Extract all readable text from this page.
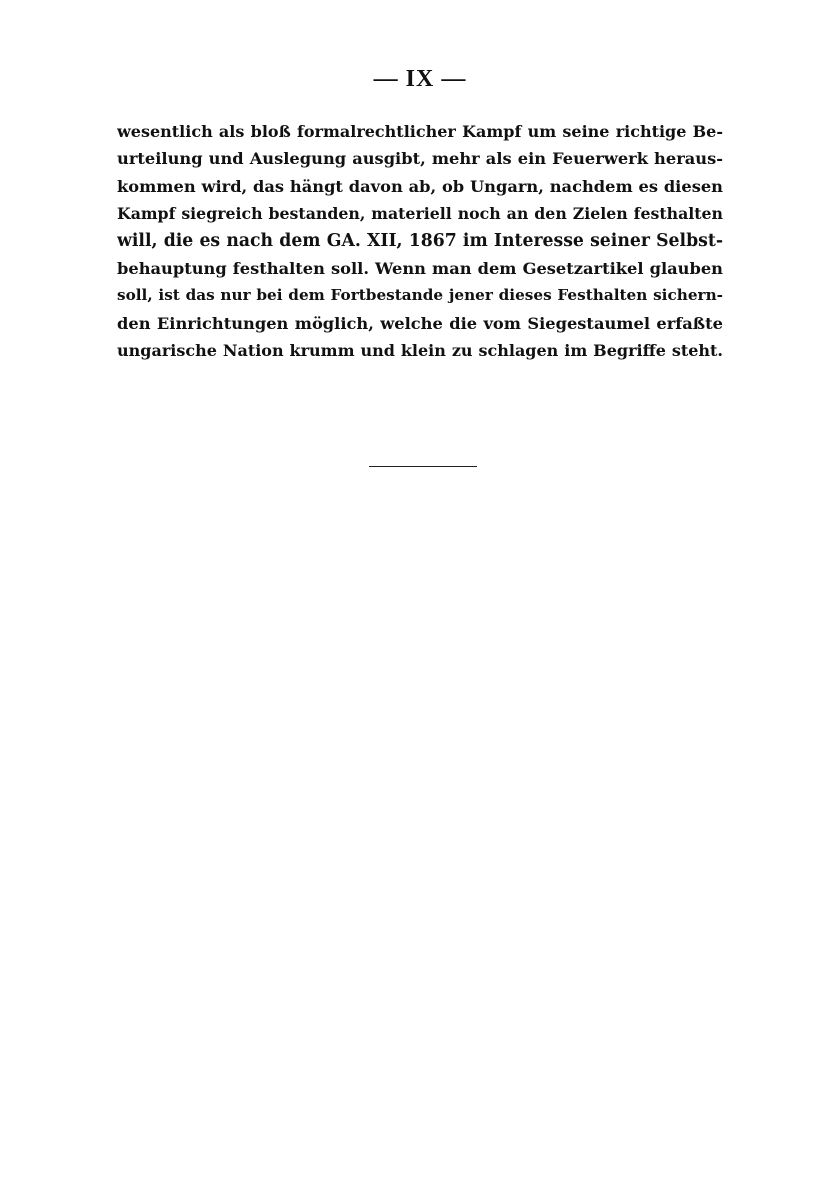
— IX —
wesentlich als bloß formalrechtlicher Kampf um seine richtige Be-
urteilung und Auslegung ausgibt, mehr als ein Feuerwerk heraus-
kommen wird, das hängt davon ab, ob Ungarn, nachdem es diesen
Kampf siegreich bestanden, materiell noch an den Zielen festhalten
will, die es nach dem GA. XII, 1867 im Interesse seiner Selbst-
behauptung festhalten soll. Wenn man dem Gesetzartikel glauben
soll, ist das nur bei dem Fortbestande jener dieses Festhalten sichern-
den Einrichtungen möglich, welche die vom Siegestaumel erfaßte
ungarische Nation krumm und klein zu schlagen im Begriffe steht.
